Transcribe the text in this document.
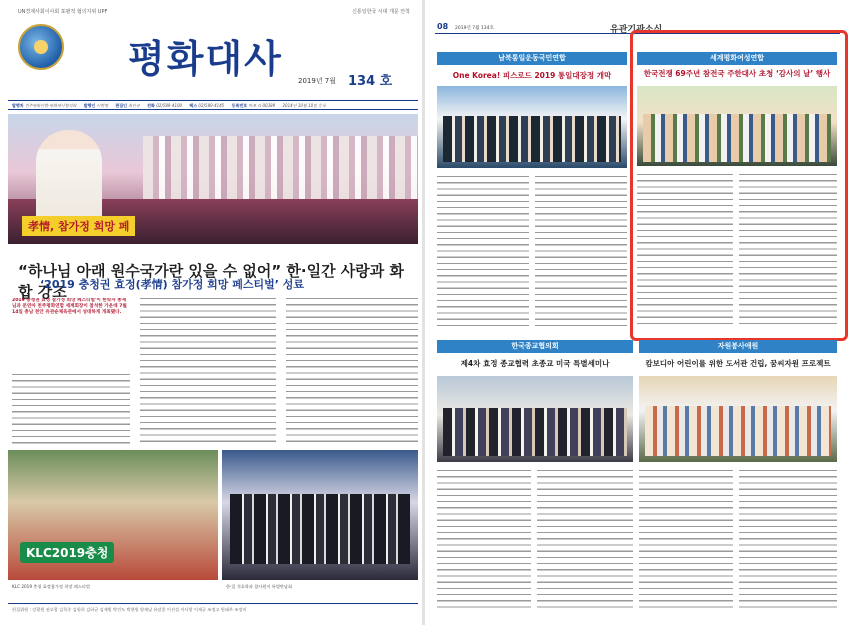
UN경제사회이사회 포괄적 협의지위 UPF	신통일한국 시대 개문 안착
평화대사 2019년 7월 134 호
발행처 천주평화연합·평화대사협의회 발행인 이현영 편집인 최인규 전화 02)589-4100 팩스 02)589-4145 등록번호 마포 라 00389 2014년 10월 10일 등록
孝情, 참가정 희망 페
“하나님 아래 원수국가란 있을 수 없어” 한·일간 사랑과 화합 강조
‘2019 충청권 효정(孝情) 참가정 희망 페스티벌’ 성료
2019 충청권 효정 참가정 희망 페스티벌'이 한학자 총재님과 문연아 천주평화연합 세계회장이 참석한 가운데 7월 14일 충남 천안 유관순체육관에서 성대하게 개최됐다.
KLC2019충청
KLC 2019 충청 효정참가정 희망 페스티벌	한·일 석호학과 참사원이 특별만남회
편집위원 : 강광원 권오광 김목중 김원희 김하균 김재원 박진도 박현원 양재남 유달종 이선섭 이사랑 이재균 조정고 원태주 조정미
08 2019년 7월 134호	유관기관소식
남북통일운동국민연합
One Korea! 피스로드 2019 통일대장정 개막
세계평화여성연합
한국전쟁 69주년 참전국 주한대사 초청 ‘감사의 날’ 행사
한국종교협의회
제4차 효정 종교협력 초종교 미국 특별세미나
자원봉사애원
캄보디아 어린이를 위한 도서관 건립, 꿈씨자원 프로젝트
